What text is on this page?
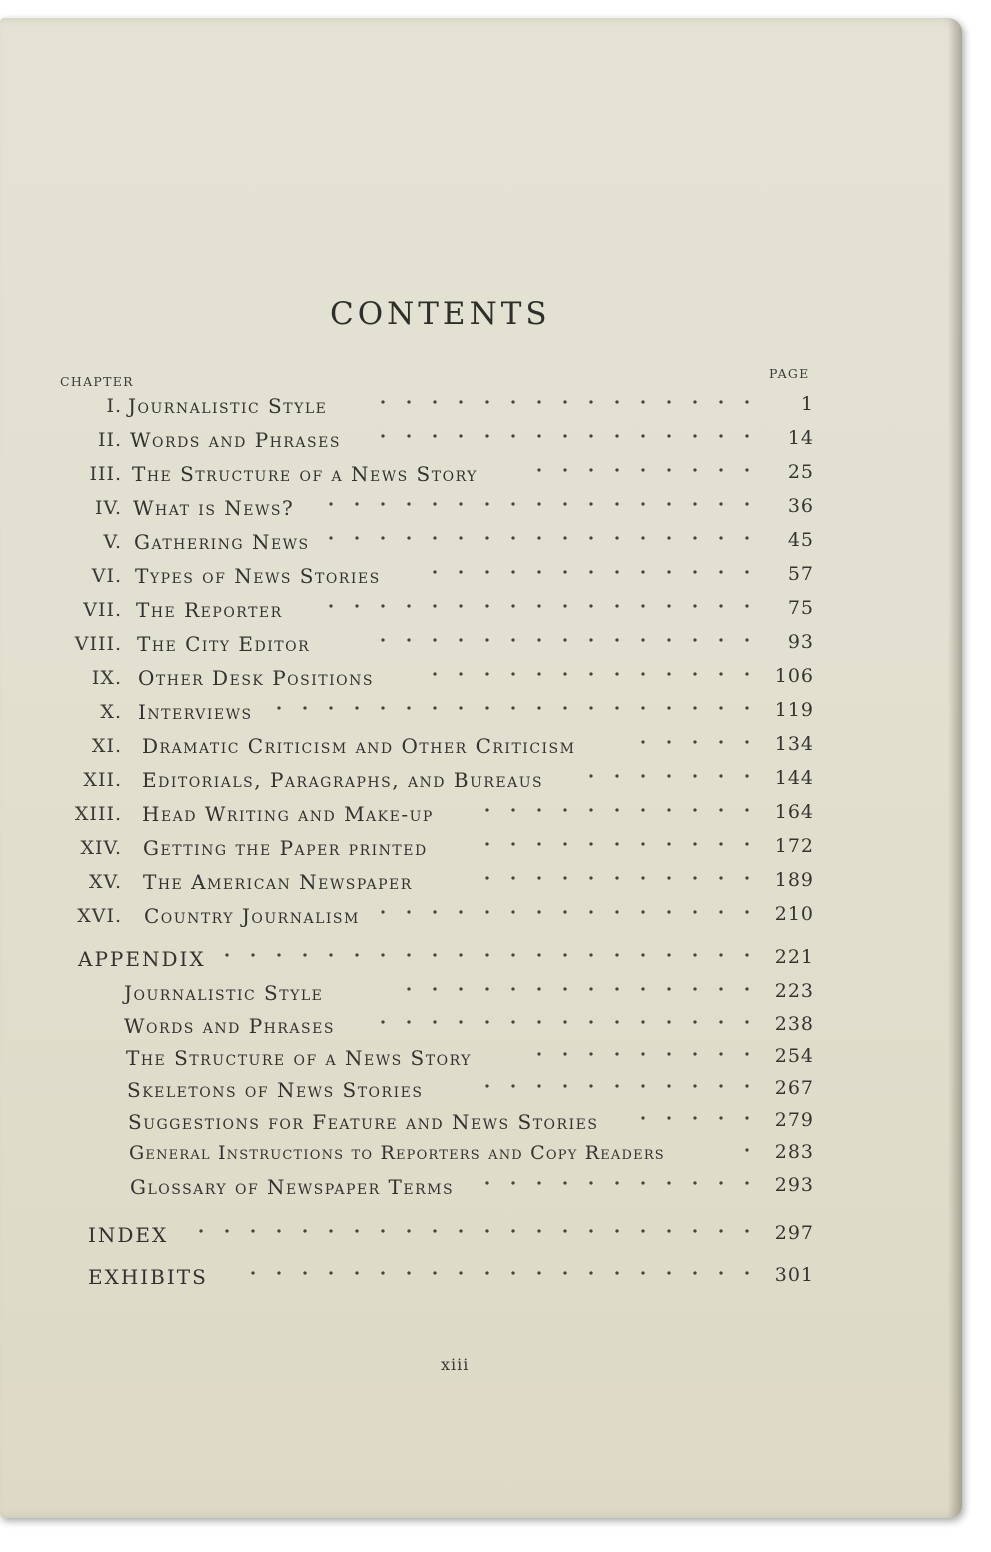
CONTENTS
CHAPTER
PAGE
I. Journalistic Style	1
II. Words and Phrases	14
III. The Structure of a News Story	25
IV. What is News?	36
V. Gathering News	45
VI. Types of News Stories	57
VII. The Reporter	75
VIII. The City Editor	93
IX. Other Desk Positions	106
X. Interviews	119
XI. Dramatic Criticism and Other Criticism	134
XII. Editorials, Paragraphs, and Bureaus	144
XIII. Head Writing and Make-up	164
XIV. Getting the Paper printed	172
XV. The American Newspaper	189
XVI. Country Journalism	210
APPENDIX	221
Journalistic Style	223
Words and Phrases	238
The Structure of a News Story	254
Skeletons of News Stories	267
Suggestions for Feature and News Stories	279
General Instructions to Reporters and Copy Readers	283
Glossary of Newspaper Terms	293
INDEX	297
EXHIBITS	301
xiii
